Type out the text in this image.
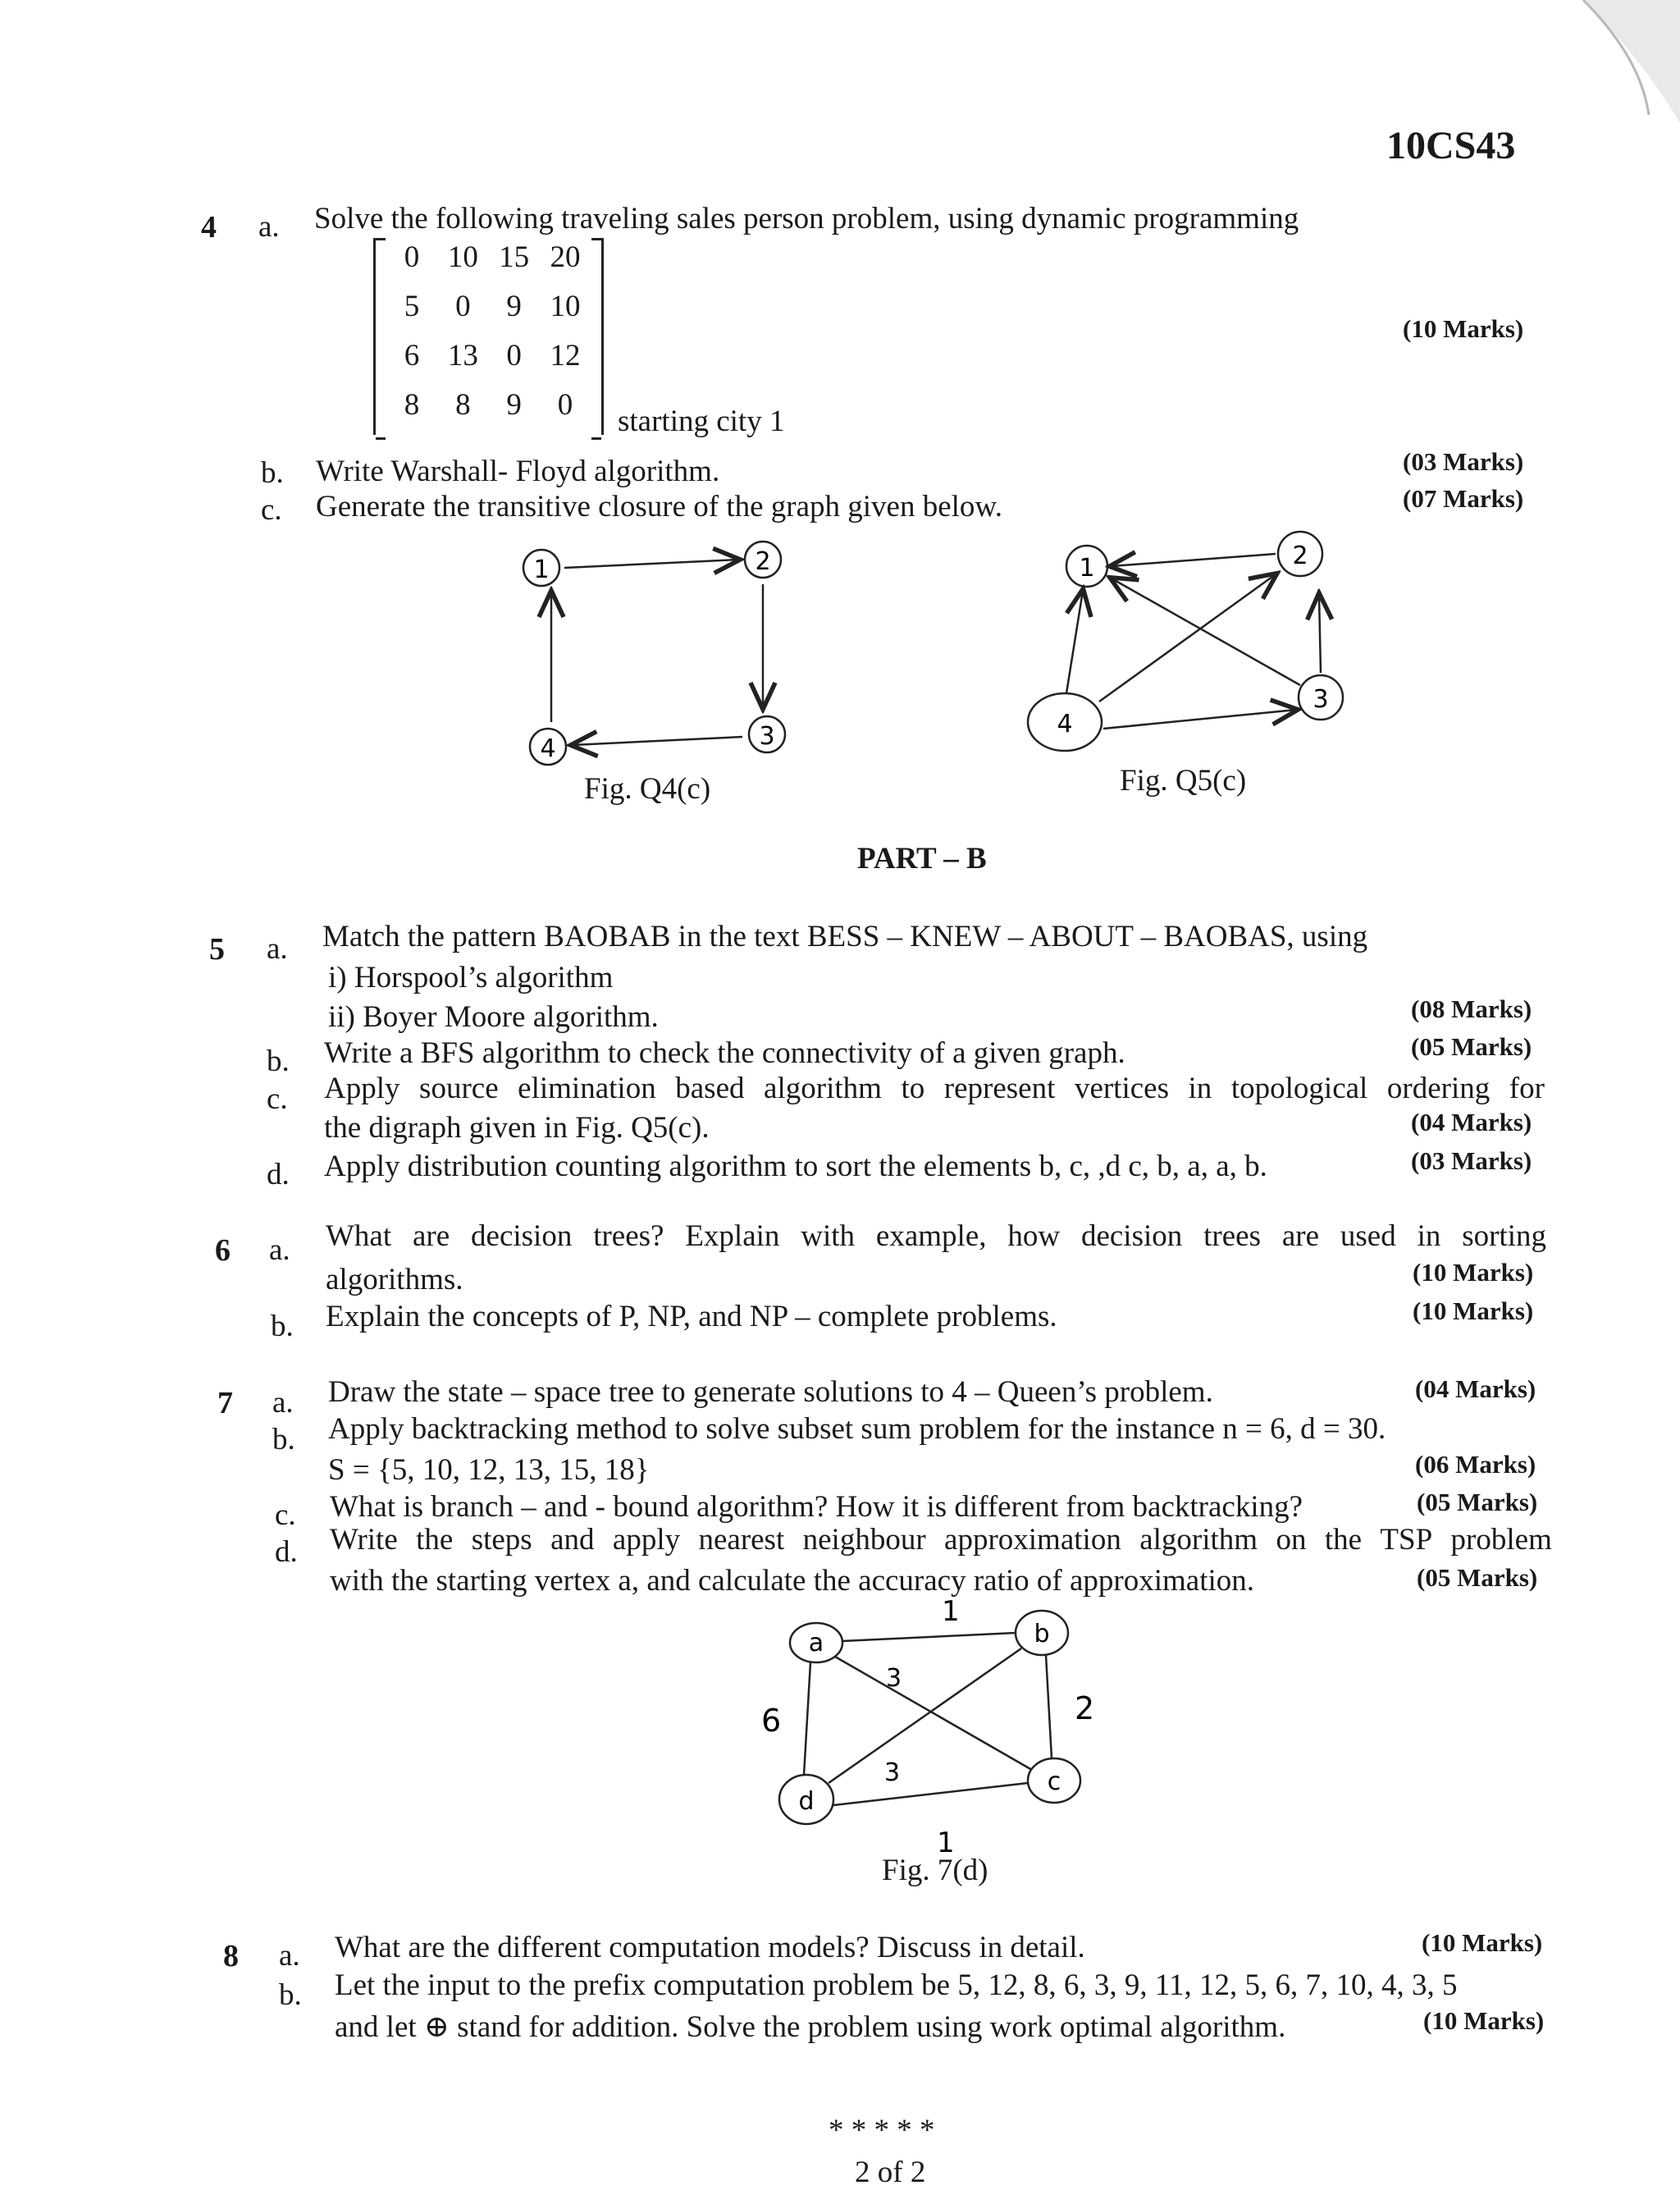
10CS43
4 a. Solve the following traveling sales person problem, using dynamic programming
0 10 15 20
5	0	9 10
6 13 0 12
8	8	9	0	starting city 1
(10 Marks)
b. Write Warshall- Floyd algorithm.	(03 Marks)
c. Generate the transitive closure of the graph given below.	(07 Marks)
1	2
3
4
Fig. Q4(c)
1	2
3
4
Fig. Q5(c)
PART – B
5 a. Match the pattern BAOBAB in the text BESS – KNEW – ABOUT – BAOBAS, using
i) Horspool’s algorithm
ii) Boyer Moore algorithm.	(08 Marks)
b. Write a BFS algorithm to check the connectivity of a given graph.	(05 Marks)
c. Apply source elimination based algorithm to represent vertices in topological ordering for
the digraph given in Fig. Q5(c).	(04 Marks)
d. Apply distribution counting algorithm to sort the elements b, c, ,d c, b, a, a, b.	(03 Marks)
6 a. What are decision trees? Explain with example, how decision trees are used in sorting
algorithms.	(10 Marks)
b. Explain the concepts of P, NP, and NP – complete problems.	(10 Marks)
7 a. Draw the state – space tree to generate solutions to 4 – Queen’s problem.	(04 Marks)
b. Apply backtracking method to solve subset sum problem for the instance n = 6, d = 30.
S = {5, 10, 12, 13, 15, 18}	(06 Marks)
c. What is branch – and - bound algorithm? How it is different from backtracking?	(05 Marks)
d. Write the steps and apply nearest neighbour approximation algorithm on the TSP problem
with the starting vertex a, and calculate the accuracy ratio of approximation.	(05 Marks)
a	b
c
d
1
3
3
6	2
1
Fig. 7(d)
8 a. What are the different computation models? Discuss in detail.	(10 Marks)
b. Let the input to the prefix computation problem be 5, 12, 8, 6, 3, 9, 11, 12, 5, 6, 7, 10, 4, 3, 5
and let ⊕ stand for addition. Solve the problem using work optimal algorithm.	(10 Marks)
* * * * *
2 of 2
